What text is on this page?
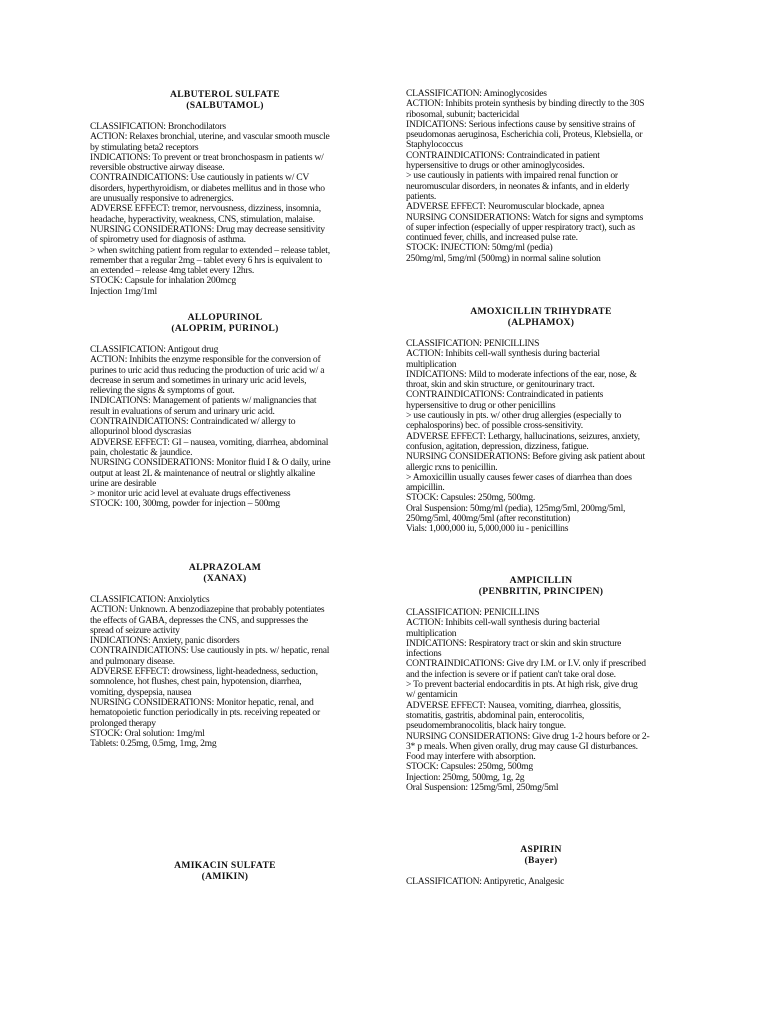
ALBUTEROL SULFATE
(SALBUTAMOL)
CLASSIFICATION: Bronchodilators
ACTION: Relaxes bronchial, uterine, and vascular smooth muscle
by stimulating beta2 receptors
INDICATIONS: To prevent or treat bronchospasm in patients w/
reversible obstructive airway disease.
CONTRAINDICATIONS: Use cautiously in patients w/ CV
disorders, hyperthyroidism, or diabetes mellitus and in those who
are unusually responsive to adrenergics.
ADVERSE EFFECT: tremor, nervousness, dizziness, insomnia,
headache, hyperactivity, weakness, CNS, stimulation, malaise.
NURSING CONSIDERATIONS: Drug may decrease sensitivity
of spirometry used for diagnosis of asthma.
> when switching patient from regular to extended – release tablet,
remember that a regular 2mg – tablet every 6 hrs is equivalent to
an extended – release 4mg tablet every 12hrs.
STOCK: Capsule for inhalation 200mcg
Injection 1mg/1ml
ALLOPURINOL
(ALOPRIM, PURINOL)
CLASSIFICATION: Antigout drug
ACTION: Inhibits the enzyme responsible for the conversion of
purines to uric acid thus reducing the production of uric acid w/ a
decrease in serum and sometimes in urinary uric acid levels,
relieving the signs & symptoms of gout.
INDICATIONS: Management of patients w/ malignancies that
result in evaluations of serum and urinary uric acid.
CONTRAINDICATIONS: Contraindicated w/ allergy to
allopurinol blood dyscrasias
ADVERSE EFFECT: GI – nausea, vomiting, diarrhea, abdominal
pain, cholestatic & jaundice.
NURSING CONSIDERATIONS: Monitor fluid I & O daily, urine
output at least 2L & maintenance of neutral or slightly alkaline
urine are desirable
> monitor uric acid level at evaluate drugs effectiveness
STOCK: 100, 300mg, powder for injection – 500mg
ALPRAZOLAM
(XANAX)
CLASSIFICATION: Anxiolytics
ACTION: Unknown. A benzodiazepine that probably potentiates
the effects of GABA, depresses the CNS, and suppresses the
spread of seizure activity
INDICATIONS: Anxiety, panic disorders
CONTRAINDICATIONS: Use cautiously in pts. w/ hepatic, renal
and pulmonary disease.
ADVERSE EFFECT: drowsiness, light-headedness, seduction,
somnolence, hot flushes, chest pain, hypotension, diarrhea,
vomiting, dyspepsia, nausea
NURSING CONSIDERATIONS: Monitor hepatic, renal, and
hematopoietic function periodically in pts. receiving repeated or
prolonged therapy
STOCK: Oral solution: 1mg/ml
Tablets: 0.25mg, 0.5mg, 1mg, 2mg
AMIKACIN SULFATE
(AMIKIN)
CLASSIFICATION: Aminoglycosides
ACTION: Inhibits protein synthesis by binding directly to the 30S
ribosomal, subunit; bactericidal
INDICATIONS: Serious infections cause by sensitive strains of
pseudomonas aeruginosa, Escherichia coli, Proteus, Klebsiella, or
Staphylococcus
CONTRAINDICATIONS: Contraindicated in patient
hypersensitive to drugs or other aminoglycosides.
> use cautiously in patients with impaired renal function or
neuromuscular disorders, in neonates & infants, and in elderly
patients.
ADVERSE EFFECT: Neuromuscular blockade, apnea
NURSING CONSIDERATIONS: Watch for signs and symptoms
of super infection (especially of upper respiratory tract), such as
continued fever, chills, and increased pulse rate.
STOCK: INJECTION: 50mg/ml (pedia)
250mg/ml, 5mg/ml (500mg) in normal saline solution
AMOXICILLIN TRIHYDRATE
(ALPHAMOX)
CLASSIFICATION: PENICILLINS
ACTION: Inhibits cell-wall synthesis during bacterial
multiplication
INDICATIONS: Mild to moderate infections of the ear, nose, &
throat, skin and skin structure, or genitourinary tract.
CONTRAINDICATIONS: Contraindicated in patients
hypersensitive to drug or other penicillins
> use cautiously in pts. w/ other drug allergies (especially to
cephalosporins) bec. of possible cross-sensitivity.
ADVERSE EFFECT: Lethargy, hallucinations, seizures, anxiety,
confusion, agitation, depression, dizziness, fatigue.
NURSING CONSIDERATIONS: Before giving ask patient about
allergic rxns to penicillin.
> Amoxicillin usually causes fewer cases of diarrhea than does
ampicillin.
STOCK: Capsules: 250mg, 500mg.
Oral Suspension: 50mg/ml (pedia), 125mg/5ml, 200mg/5ml,
250mg/5ml, 400mg/5ml (after reconstitution)
Vials: 1,000,000 iu, 5,000,000 iu - penicillins
AMPICILLIN
(PENBRITIN, PRINCIPEN)
CLASSIFICATION: PENICILLINS
ACTION: Inhibits cell-wall synthesis during bacterial
multiplication
INDICATIONS: Respiratory tract or skin and skin structure
infections
CONTRAINDICATIONS: Give dry I.M. or I.V. only if prescribed
and the infection is severe or if patient can't take oral dose.
> To prevent bacterial endocarditis in pts. At high risk, give drug
w/ gentamicin
ADVERSE EFFECT: Nausea, vomiting, diarrhea, glossitis,
stomatitis, gastritis, abdominal pain, enterocolitis,
pseudomembranocolitis, black hairy tongue.
NURSING CONSIDERATIONS: Give drug 1-2 hours before or 2-
3* p meals. When given orally, drug may cause GI disturbances.
Food may interfere with absorption.
STOCK: Capsules: 250mg, 500mg
Injection: 250mg, 500mg, 1g, 2g
Oral Suspension: 125mg/5ml, 250mg/5ml
ASPIRIN
(Bayer)
CLASSIFICATION: Antipyretic, Analgesic
